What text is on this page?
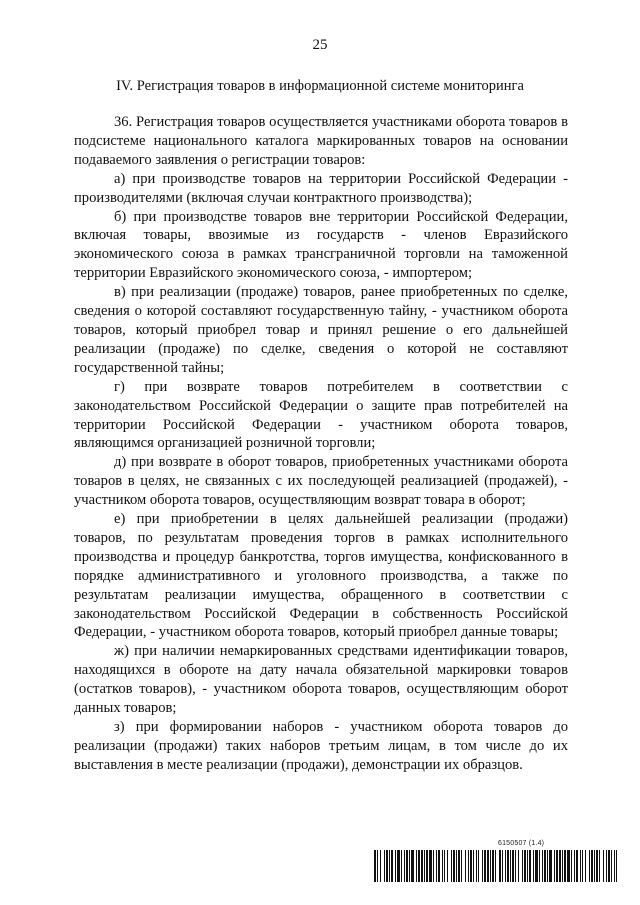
25
IV. Регистрация товаров в информационной системе мониторинга

36. Регистрация товаров осуществляется участниками оборота товаров в подсистеме национального каталога маркированных товаров на основании подаваемого заявления о регистрации товаров:

а) при производстве товаров на территории Российской Федерации - производителями (включая случаи контрактного производства);

б) при производстве товаров вне территории Российской Федерации, включая товары, ввозимые из государств - членов Евразийского экономического союза в рамках трансграничной торговли на таможенной территории Евразийского экономического союза, - импортером;

в) при реализации (продаже) товаров, ранее приобретенных по сделке, сведения о которой составляют государственную тайну, - участником оборота товаров, который приобрел товар и принял решение о его дальнейшей реализации (продаже) по сделке, сведения о которой не составляют государственной тайны;

г) при возврате товаров потребителем в соответствии с законодательством Российской Федерации о защите прав потребителей на территории Российской Федерации - участником оборота товаров, являющимся организацией розничной торговли;

д) при возврате в оборот товаров, приобретенных участниками оборота товаров в целях, не связанных с их последующей реализацией (продажей), - участником оборота товаров, осуществляющим возврат товара в оборот;

е) при приобретении в целях дальнейшей реализации (продажи) товаров, по результатам проведения торгов в рамках исполнительного производства и процедур банкротства, торгов имущества, конфискованного в порядке административного и уголовного производства, а также по результатам реализации имущества, обращенного в соответствии с законодательством Российской Федерации в собственность Российской Федерации, - участником оборота товаров, который приобрел данные товары;

ж) при наличии немаркированных средствами идентификации товаров, находящихся в обороте на дату начала обязательной маркировки товаров (остатков товаров), - участником оборота товаров, осуществляющим оборот данных товаров;

з) при формировании наборов - участником оборота товаров до реализации (продажи) таких наборов третьим лицам, в том числе до их выставления в месте реализации (продажи), демонстрации их образцов.

6150507 (1.4)
